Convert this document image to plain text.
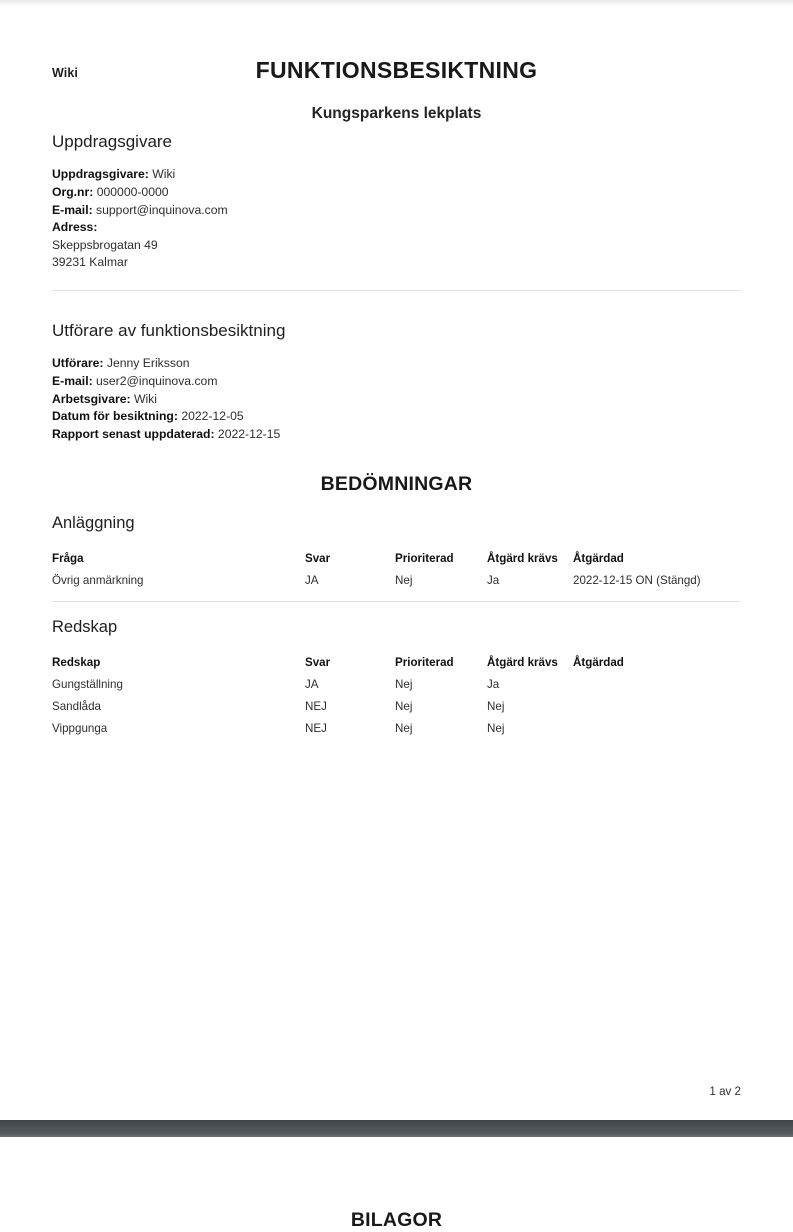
Wiki	FUNKTIONSBESIKTNING
Kungsparkens lekplats
Uppdragsgivare
Uppdragsgivare: Wiki
Org.nr: 000000-0000
E-mail: support@inquinova.com
Adress:
Skeppsbrogatan 49
39231 Kalmar
Utförare av funktionsbesiktning
Utförare: Jenny Eriksson
E-mail: user2@inquinova.com
Arbetsgivare: Wiki
Datum för besiktning: 2022-12-05
Rapport senast uppdaterad: 2022-12-15
BEDÖMNINGAR
Anläggning
Fråga	Svar	Prioriterad	Åtgärd krävs	Åtgärdad
Övrig anmärkning	JA	Nej	Ja	2022-12-15 ON (Stängd)
Redskap
Redskap	Svar	Prioriterad	Åtgärd krävs	Åtgärdad
Gungställning	JA	Nej	Ja	
Sandlåda	NEJ	Nej	Nej	
Vippgunga	NEJ	Nej	Nej	
1 av 2
BILAGOR
